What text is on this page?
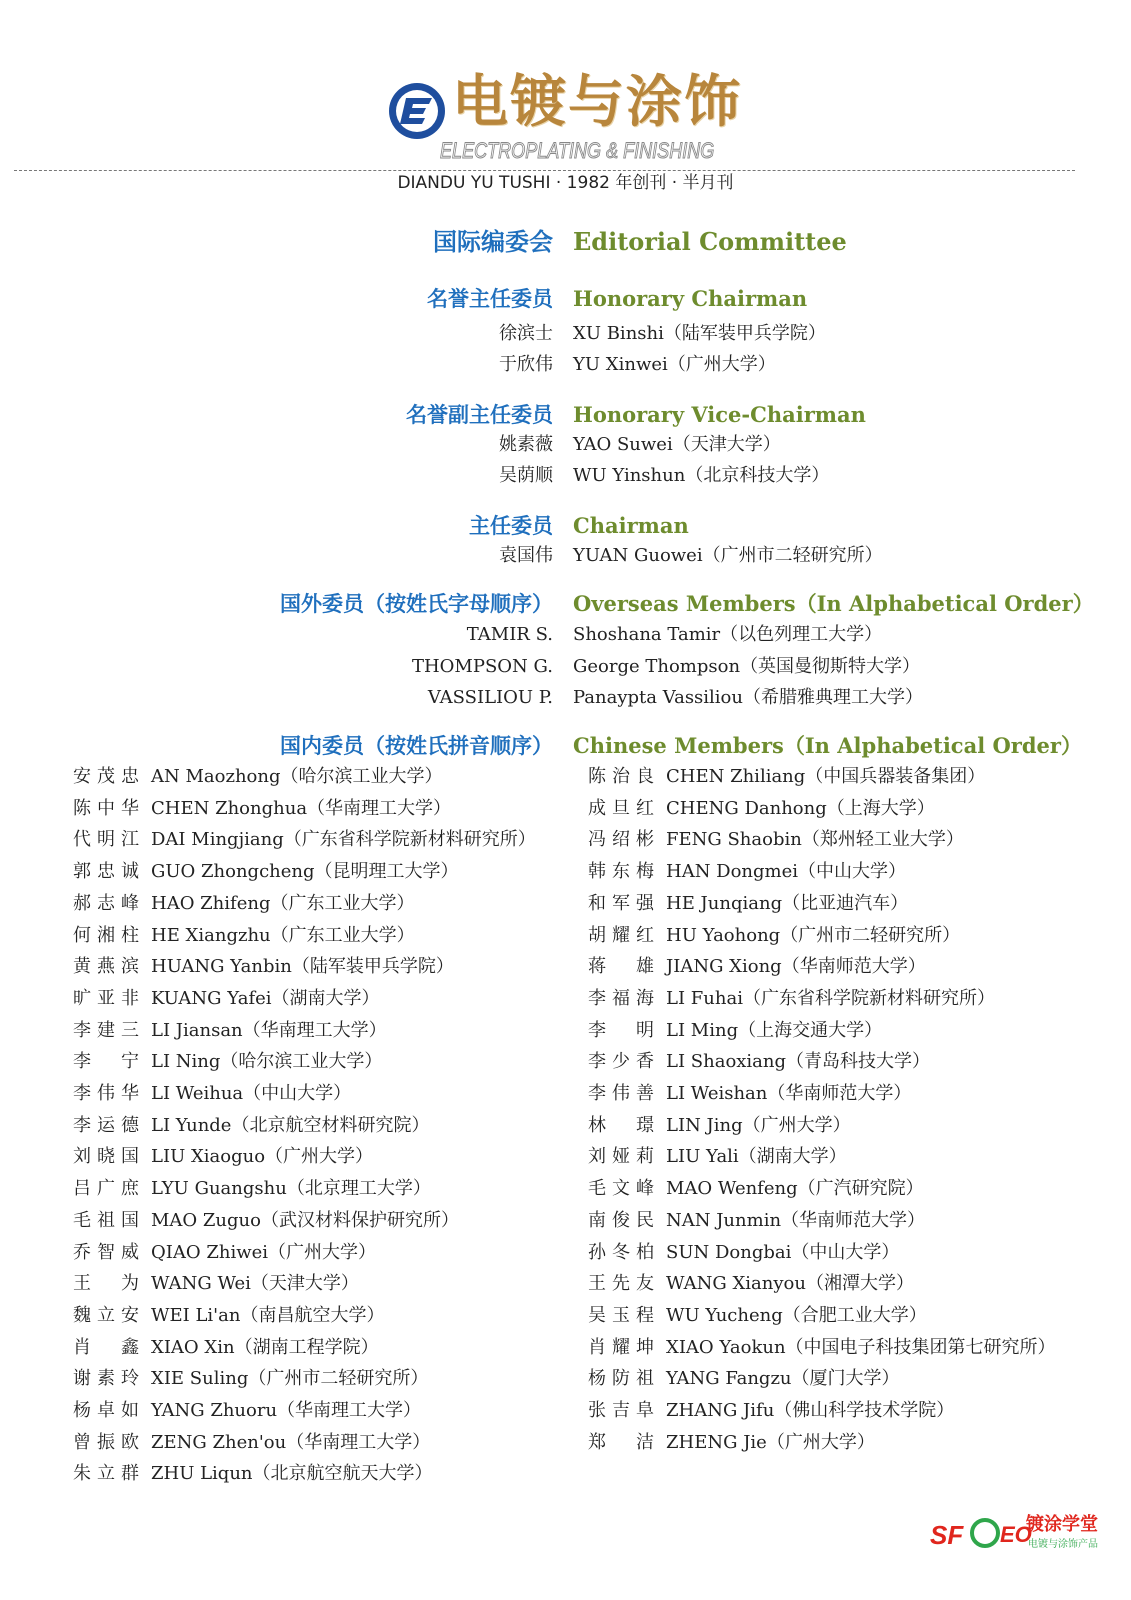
电镀与涂饰
ELECTROPLATING & FINISHING
DIANDU YU TUSHI · 1982 年创刊 · 半月刊
国际编委会 Editorial Committee
名誉主任委员 Honorary Chairman
徐滨士 XU Binshi（陆军装甲兵学院）
于欣伟 YU Xinwei（广州大学）
名誉副主任委员 Honorary Vice-Chairman
姚素薇 YAO Suwei（天津大学）
吴荫顺 WU Yinshun（北京科技大学）
主任委员 Chairman
袁国伟 YUAN Guowei（广州市二轻研究所）
国外委员（按姓氏字母顺序） Overseas Members（In Alphabetical Order）
TAMIR S. Shoshana Tamir（以色列理工大学）
THOMPSON G. George Thompson（英国曼彻斯特大学）
VASSILIOU P. Panaypta Vassiliou（希腊雅典理工大学）
国内委员（按姓氏拼音顺序） Chinese Members（In Alphabetical Order）
安茂忠 AN Maozhong（哈尔滨工业大学）
陈中华 CHEN Zhonghua（华南理工大学）
代明江 DAI Mingjiang（广东省科学院新材料研究所）
郭忠诚 GUO Zhongcheng（昆明理工大学）
郝志峰 HAO Zhifeng（广东工业大学）
何湘柱 HE Xiangzhu（广东工业大学）
黄燕滨 HUANG Yanbin（陆军装甲兵学院）
旷亚非 KUANG Yafei（湖南大学）
李建三 LI Jiansan（华南理工大学）
李宁 LI Ning（哈尔滨工业大学）
李伟华 LI Weihua（中山大学）
李运德 LI Yunde（北京航空材料研究院）
刘晓国 LIU Xiaoguo（广州大学）
吕广庶 LYU Guangshu（北京理工大学）
毛祖国 MAO Zuguo（武汉材料保护研究所）
乔智威 QIAO Zhiwei（广州大学）
王为 WANG Wei（天津大学）
魏立安 WEI Li'an（南昌航空大学）
肖鑫 XIAO Xin（湖南工程学院）
谢素玲 XIE Suling（广州市二轻研究所）
杨卓如 YANG Zhuoru（华南理工大学）
曾振欧 ZENG Zhen'ou（华南理工大学）
朱立群 ZHU Liqun（北京航空航天大学）
陈治良 CHEN Zhiliang（中国兵器装备集团）
成旦红 CHENG Danhong（上海大学）
冯绍彬 FENG Shaobin（郑州轻工业大学）
韩东梅 HAN Dongmei（中山大学）
和军强 HE Junqiang（比亚迪汽车）
胡耀红 HU Yaohong（广州市二轻研究所）
蒋雄 JIANG Xiong（华南师范大学）
李福海 LI Fuhai（广东省科学院新材料研究所）
李明 LI Ming（上海交通大学）
李少香 LI Shaoxiang（青岛科技大学）
李伟善 LI Weishan（华南师范大学）
林璟 LIN Jing（广州大学）
刘娅莉 LIU Yali（湖南大学）
毛文峰 MAO Wenfeng（广汽研究院）
南俊民 NAN Junmin（华南师范大学）
孙冬柏 SUN Dongbai（中山大学）
王先友 WANG Xianyou（湘潭大学）
吴玉程 WU Yucheng（合肥工业大学）
肖耀坤 XIAO Yaokun（中国电子科技集团第七研究所）
杨防祖 YANG Fangzu（厦门大学）
张吉阜 ZHANG Jifu（佛山科学技术学院）
郑洁 ZHENG Jie（广州大学）
SF EO
镀涂学堂
电镀与涂饰产品
